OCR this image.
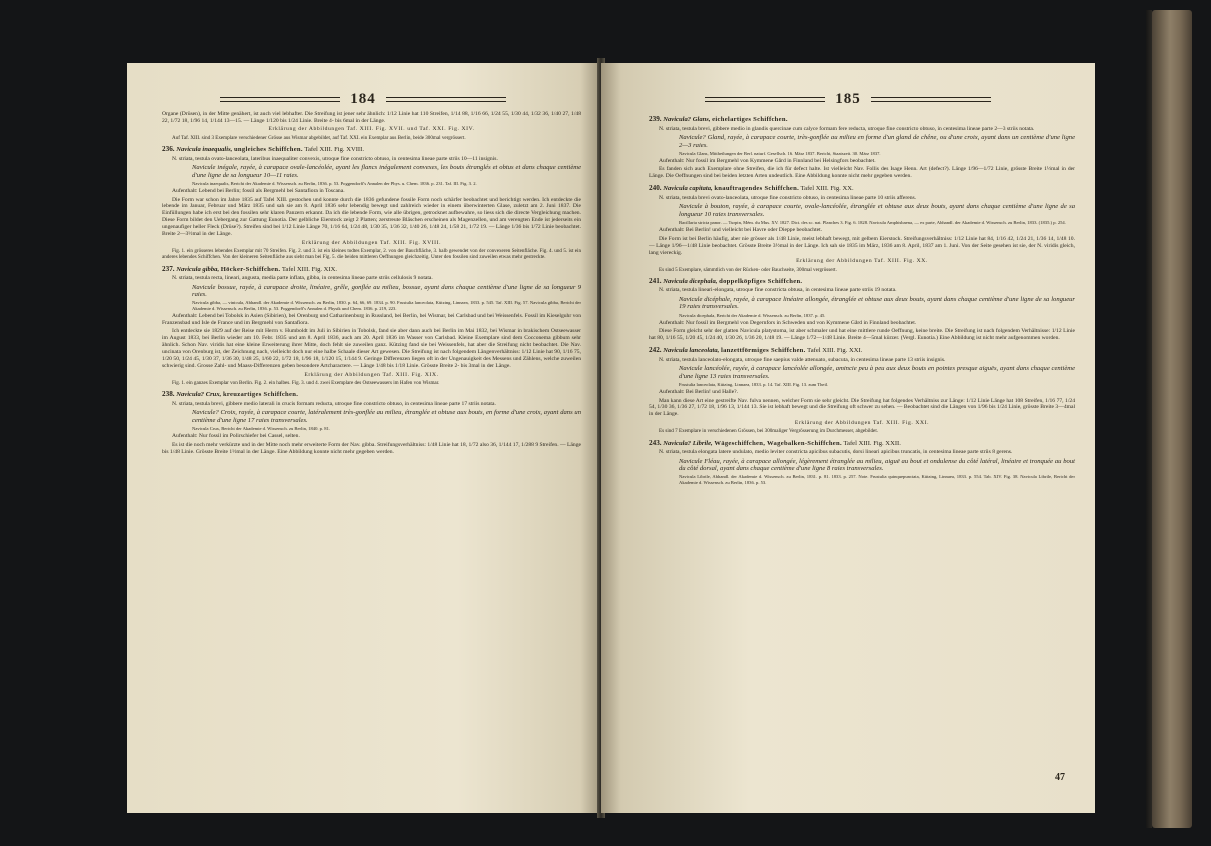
184

Organe (Drüsen), in der Mitte genähert, ist auch viel lebhafter. Die Streifung ist jener sehr ähnlich: 1/12 Linie hat 110 Streifen, 1/14 88, 1/16 66, 1/24 55, 1/30 44, 1/32 36, 1/40 27, 1/48 22, 1/72 18, 1/96 14, 1/144 13—15. — Länge 1/120 bis 1/24 Linie. Breite 4- bis 6mal in der Länge.

Erklärung der Abbildungen Taf. XIII. Fig. XVII. und Taf. XXI. Fig. XIV.

Auf Taf. XIII. sind 3 Exemplare verschiedener Grösse aus Wismar abgebildet, auf Taf. XXI. ein Exemplar aus Berlin, beide 300mal vergrössert.

236. Navicula inaequalis, ungleiches Schiffchen. Tafel XIII. Fig. XVIII.

N. striata, testula ovato-lanceolata, lateribus inaequaliter convexis, utroque fine constricto obtuso, in centesima lineae parte striis 10—11 insignis.

Navicule inégale, rayée, à carapace ovale-lancéolée, ayant les flancs inégalement convexes, les bouts étranglés et obtus et dans chaque centième d'une ligne de sa longueur 10—11 raies.

Navicula inaequalis, Bericht der Akademie d. Wissensch. zu Berlin, 1836. p. 53. Poggendorff's Annalen der Phys. u. Chem. 1836. p. 231. Taf. III. Fig. 3. 2.

Aufenthalt: Lebend bei Berlin; fossil als Bergmehl bei Santafiora in Toscana.

Die Form war schon im Jahre 1835 auf Tafel XIII. gestochen und konnte durch die 1836 gefundene fossile Form noch schärfer beobachtet und berichtigt werden. Ich entdeckte die lebende im Januar, Februar und März 1835 und sah sie am 8. April 1836 sehr lebendig bewegt und zahlreich wieder in einem überwinterten Glase, zuletzt am 2. Juni 1837. Die Einfüllungen habe ich erst bei den fossilen sehr klaren Panzern erkannt. Da ich die lebende Form, wie alle übrigen, getrocknet aufbewahre, so liess sich die directe Vergleichung machen. Diese Form bildet den Uebergang zur Gattung Eunotia. Der gelbliche Eierstock zeigt 2 Platten; zerstreute Bläschen erscheinen als Magenzellen, und am verengten Ende ist jederseits ein ungenaufiger heller Fleck (Drüse?). Streifen sind bei 1/12 Linie Länge 70, 1/16 64, 1/24 48, 1/30 35, 1/36 32, 1/40 26, 1/48 24, 1/58 21, 1/72 19. — Länge 1/36 bis 1/72 Linie beobachtet. Breite 2—3½mal in der Länge.

Erklärung der Abbildungen Taf. XIII. Fig. XVIII.

Fig. 1. ein grösseres lebendes Exemplar mit 70 Streifen. Fig. 2. und 3. ist ein kleines todtes Exemplar, 2. von der Bauchfläche, 3. halb gewendet von der convexeren Seitenfläche. Fig. 4. und 5. ist ein anderes lebendes Schiffchen. Von der kleineren Seitenfläche aus sieht man bei Fig. 5. die beiden mittleren Oeffnungen gleichzeitig. Unter den fossilen sind zuweilen etwas mehr gestreckte.

237. Navicula gibba, Höcker-Schiffchen. Tafel XIII. Fig. XIX.

N. striata, testula recta, lineari, angusta, media parte inflata, gibba, in centesima lineae parte striis cellulosis 9 notata.

Navicule bossue, rayée, à carapace droite, linéaire, grêle, gonflée au milieu, bossue, ayant dans chaque centième d'une ligne de sa longueur 9 raies.

Navicula gibba, — vinicula, Abhandl. der Akademie d. Wissensch. zu Berlin, 1830. p. 64, 66, 69. 1834. p. 90. Frustulia lanceolata, Kützing, Linnaea, 1833. p. 545. Taf. XIII. Fig. 57. Navicula gibba, Bericht der Akademie d. Wissensch. zu Berlin, 1836. p. 53. Poggendorff's Annalen d. Physik und Chem. 1836. p. 219, 223.

Aufenthalt: Lebend bei Tobolsk in Asien (Sibirien), bei Orenburg und Catharinenburg in Russland, bei Berlin, bei Wismar, bei Carlsbad und bei Weissenfels. Fossil im Kieselguhr von Franzensbad und Isle de France und im Bergmehl von Santafiora.

Ich entdeckte sie 1829 auf der Reise mit Herrn v. Humboldt im Juli in Sibirien in Tobolsk, fand sie aber dann auch bei Berlin im Mai 1832, bei Wismar in brakischem Ostseewasser im August 1833, bei Berlin wieder am 10. Febr. 1835 und am 8. April 1836, auch am 20. April 1836 im Wasser von Carlsbad. Kleine Exemplare sind dem Cocconema gibbum sehr ähnlich. Schon Nav. viridis hat eine kleine Erweiterung ihrer Mitte, doch fehlt sie zuweilen ganz. Kützing fand sie bei Weissenfels, hat aber die Streifung nicht beobachtet. Die Nav. uncinata von Orenburg ist, der Zeichnung nach, vielleicht doch nur eine halbe Schaale dieser Art gewesen. Die Streifung ist nach folgendem Längenverhältniss: 1/12 Linie hat 90, 1/16 75, 1/20 50, 1/24 45, 1/30 37, 1/36 30, 1/48 25, 1/60 22, 1/72 18, 1/96 18, 1/120 15, 1/144 9. Geringe Differenzen liegen oft in der Ungenauigkeit des Messens und Zählens, welche zuweilen schwierig sind. Grosse Zahl- und Maass-Differenzen geben besondere Artcharactere. — Länge 1/48 bis 1/18 Linie. Grösste Breite 2- bis 3mal in der Länge.

Erklärung der Abbildungen Taf. XIII. Fig. XIX.

Fig. 1. ein ganzes Exemplar von Berlin. Fig. 2. ein halbes. Fig. 3. und 4. zwei Exemplare des Ostseewassers im Hafen von Wismar.

238. Navicula? Crux, kreuzartiges Schiffchen.

N. striata, testula brevi, gibbere medio laterali in crucis formam reducta, utroque fine constricto obtuso, in centesima lineae parte 17 striis notata.

Navicule? Croix, rayée, à carapace courte, latéralement très-gonflée au milieu, étranglée et obtuse aux bouts, en forme d'une croix, ayant dans un centième d'une ligne 17 raies transversales.

Navicula Crux, Bericht der Akademie d. Wissensch. zu Berlin, 1840. p. 81.

Aufenthalt: Nur fossil im Polirschiefer bei Cassel, selten.

Es ist die noch mehr verkürzte und in der Mitte noch mehr erweiterte Form der Nav. gibba. Streifungsverhältniss: 1/48 Linie hat 18, 1/72 also 36, 1/144 17, 1/288 9 Streifen. — Länge bis 1/48 Linie. Grösste Breite 1½mal in der Länge. Eine Abbildung konnte nicht mehr gegeben werden.

185

239. Navicula? Glans, eichelartiges Schiffchen.

N. striata, testula brevi, gibbere medio in glandis quercinae cum calyce formam fere reducta, utroque fine constricto obtuso, in centesima lineae parte 2—3 striis notata.

Navicule? Gland, rayée, à carapace courte, très-gonflée au milieu en forme d'un gland de chêne, ou d'une croix, ayant dans un centième d'une ligne 2—3 raies.

Navicula Glans, Mittheilungen der Berl. naturf. Gesellsch. 16. März 1837. Bericht, Staatszeit. 30. März 1837.

Aufenthalt: Nur fossil im Bergmehl von Kymmene Gård in Finnland bei Helsingfors beobachtet.

Es fanden sich auch Exemplare ohne Streifen, die ich für defect halte. Ist vielleicht Nav. Follis des Isage Henn. Art (defect?). Länge 1/96—1/72 Linie, grösste Breite 1½mal in der Länge. Die Oeffnungen sind bei beiden letzten Arten undeutlich. Eine Abbildung konnte nicht mehr gegeben werden.

240. Navicula capitata, knauftragendes Schiffchen. Tafel XIII. Fig. XX.

N. striata, testula brevi ovato-lanceolata, utroque fine constricto obtuso, in centesima lineae parte 10 striis afferens.

Navicule à bouton, rayée, à carapace courte, ovale-lancéolée, étranglée et obtuse aux deux bouts, ayant dans chaque centième d'une ligne de sa longueur 10 raies transversales.

Bacillaria stricta panor. — Turpin, Mém. du Mus. XV. 1827. Dict. des sc. nat. Planches 3. Fig. 6. 1828. Navicula Amphisbaena, — ex parte, Abhandl. der Akademie d. Wissensch. zu Berlin, 1833. (1835.) p. 254.

Aufenthalt: Bei Berlin! und vielleicht bei Havre oder Dieppe beobachtet.

Die Form ist bei Berlin häufig, aber nie grösser als 1/48 Linie, meist lebhaft bewegt, mit gelbem Eierstock. Streifungsverhältniss: 1/12 Linie hat 84, 1/16 42, 1/24 21, 1/36 14, 1/48 10. — Länge 1/96—1/48 Linie beobachtet. Grösste Breite 3½mal in der Länge. Ich sah sie 1835 im März, 1836 am 8. April, 1837 am 1. Juni. Von der Seite gesehen ist sie, der N. viridis gleich, lang viereckig.

Erklärung der Abbildungen Taf. XIII. Fig. XX.

Es sind 5 Exemplare, sämmtlich von der Rücken- oder Bauchseite, 300mal vergrössert.

241. Navicula dicephala, doppelköpfiges Schiffchen.

N. striata, testula lineari-elongata, utroque fine constricta obtusa, in centesima lineae parte striis 19 notata.

Navicule dicéphale, rayée, à carapace linéaire allongée, étranglée et obtuse aux deux bouts, ayant dans chaque centième d'une ligne de sa longueur 19 raies transversales.

Navicula dicephala, Bericht der Akademie d. Wissensch. zu Berlin, 1837. p. 45.

Aufenthalt: Nur fossil im Bergmehl von Degernfors in Schweden und von Kymmene Gård in Finnland beobachtet.

Diese Form gleicht sehr der glatten Navicula platystoma, ist aber schmaler und hat eine mittlere runde Oeffnung, keine breite. Die Streifung ist nach folgendem Verhältnisse: 1/12 Linie hat 80, 1/16 55, 1/20 45, 1/24 40, 1/30 26, 1/36 20, 1/48 19. — Länge 1/72—1/48 Linie. Breite 4—5mal kürzer. (Vergl. Eunotia.) Eine Abbildung ist nicht mehr aufgenommen worden.

242. Navicula lanceolata, lanzettförmiges Schiffchen. Tafel XIII. Fig. XXI.

N. striata, testula lanceolato-elongata, utroque fine saepius valde attenuato, subacuta, in centesima lineae parte 13 striis insignis.

Navicule lancéolée, rayée, à carapace lancéolée allongée, amincie peu à peu aux deux bouts en pointes presque aiguës, ayant dans chaque centième d'une ligne 13 raies transversales.

Frustulia lanceolata, Kützing, Linnaea, 1833. p. 14. Taf. XIII. Fig. 13. zum Theil.

Aufenthalt: Bei Berlin! und Halle?.

Man kann diese Art eine gestreifte Nav. fulva nennen, welcher Form sie sehr gleicht. Die Streifung hat folgendes Verhältniss zur Länge: 1/12 Linie Länge hat 108 Streifen, 1/16 77, 1/24 54, 1/30 36, 1/36 27, 1/72 18, 1/96 13, 1/144 13. Sie ist lebhaft bewegt und die Streifung oft schwer zu sehen. — Beobachtet sind die Längen von 1/96 bis 1/24 Linie, grösste Breite 3—4mal in der Länge.

Erklärung der Abbildungen Taf. XIII. Fig. XXI.

Es sind 7 Exemplare in verschiedenen Grössen, bei 300maliger Vergrösserung im Durchmesser, abgebildet.

243. Navicula? Librile, Wägeschiffchen, Wagebalken-Schiffchen. Tafel XIII. Fig. XXII.

N. striata, testula elongata latere undulato, medio leviter constricta apicibus subacutis, dorsi lineari apicibus truncatis, in centesima lineae parte striis 8 gerens.

Navicule Fléau, rayée, à carapace allongée, légèrement étranglée au milieu, aiguë au bout et ondulense du côté latéral, linéaire et tronquée au bout du côté dorsal, ayant dans chaque centième d'une ligne 8 raies transversales.

Navicula Librile, Abhandl. der Akademie d. Wissensch. zu Berlin, 1831. p. 81. 1833. p. 257. Note. Frustulia quinquepunctata, Kützing, Linnaea, 1833. p. 554. Tab. XIV. Fig. 38. Navicula Librile, Bericht der Akademie d. Wissensch. zu Berlin, 1836. p. 53.

47
